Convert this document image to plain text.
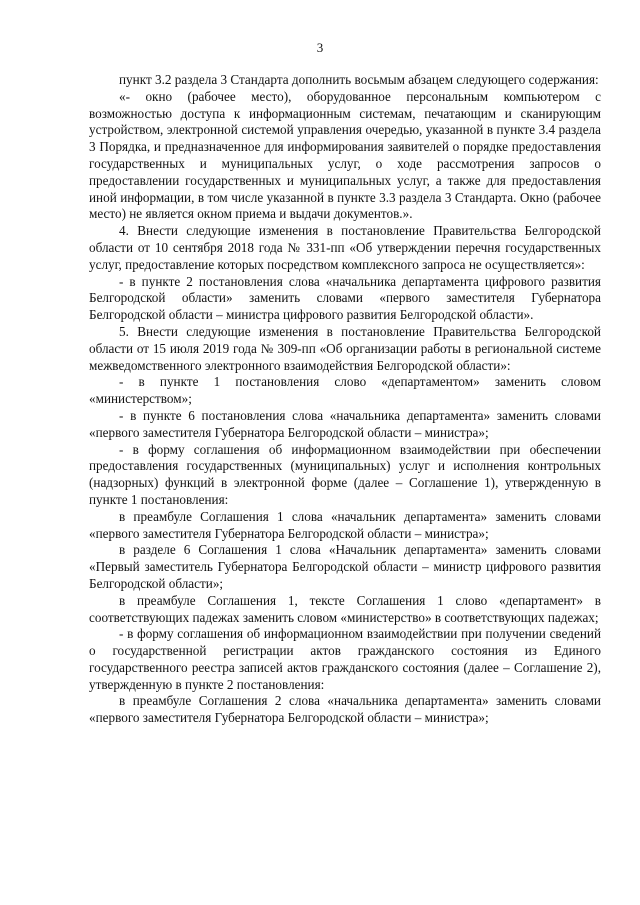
3

пункт 3.2 раздела 3 Стандарта дополнить восьмым абзацем следующего содержания:

«- окно (рабочее место), оборудованное персональным компьютером с возможностью доступа к информационным системам, печатающим и сканирующим устройством, электронной системой управления очередью, указанной в пункте 3.4 раздела 3 Порядка, и предназначенное для информирования заявителей о порядке предоставления государственных и муниципальных услуг, о ходе рассмотрения запросов о предоставлении государственных и муниципальных услуг, а также для предоставления иной информации, в том числе указанной в пункте 3.3 раздела 3 Стандарта. Окно (рабочее место) не является окном приема и выдачи документов.».

4. Внести следующие изменения в постановление Правительства Белгородской области от 10 сентября 2018 года № 331-пп «Об утверждении перечня государственных услуг, предоставление которых посредством комплексного запроса не осуществляется»:

- в пункте 2 постановления слова «начальника департамента цифрового развития Белгородской области» заменить словами «первого заместителя Губернатора Белгородской области – министра цифрового развития Белгородской области».

5. Внести следующие изменения в постановление Правительства Белгородской области от 15 июля 2019 года № 309-пп «Об организации работы в региональной системе межведомственного электронного взаимодействия Белгородской области»:

- в пункте 1 постановления слово «департаментом» заменить словом «министерством»;

- в пункте 6 постановления слова «начальника департамента» заменить словами «первого заместителя Губернатора Белгородской области – министра»;

- в форму соглашения об информационном взаимодействии при обеспечении предоставления государственных (муниципальных) услуг и исполнения контрольных (надзорных) функций в электронной форме (далее – Соглашение 1), утвержденную в пункте 1 постановления:

в преамбуле Соглашения 1 слова «начальник департамента» заменить словами «первого заместителя Губернатора Белгородской области – министра»;

в разделе 6 Соглашения 1 слова «Начальник департамента» заменить словами «Первый заместитель Губернатора Белгородской области – министр цифрового развития Белгородской области»;

в преамбуле Соглашения 1, тексте Соглашения 1 слово «департамент» в соответствующих падежах заменить словом «министерство» в соответствующих падежах;

- в форму соглашения об информационном взаимодействии при получении сведений о государственной регистрации актов гражданского состояния из Единого государственного реестра записей актов гражданского состояния (далее – Соглашение 2), утвержденную в пункте 2 постановления:

в преамбуле Соглашения 2 слова «начальника департамента» заменить словами «первого заместителя Губернатора Белгородской области – министра»;
